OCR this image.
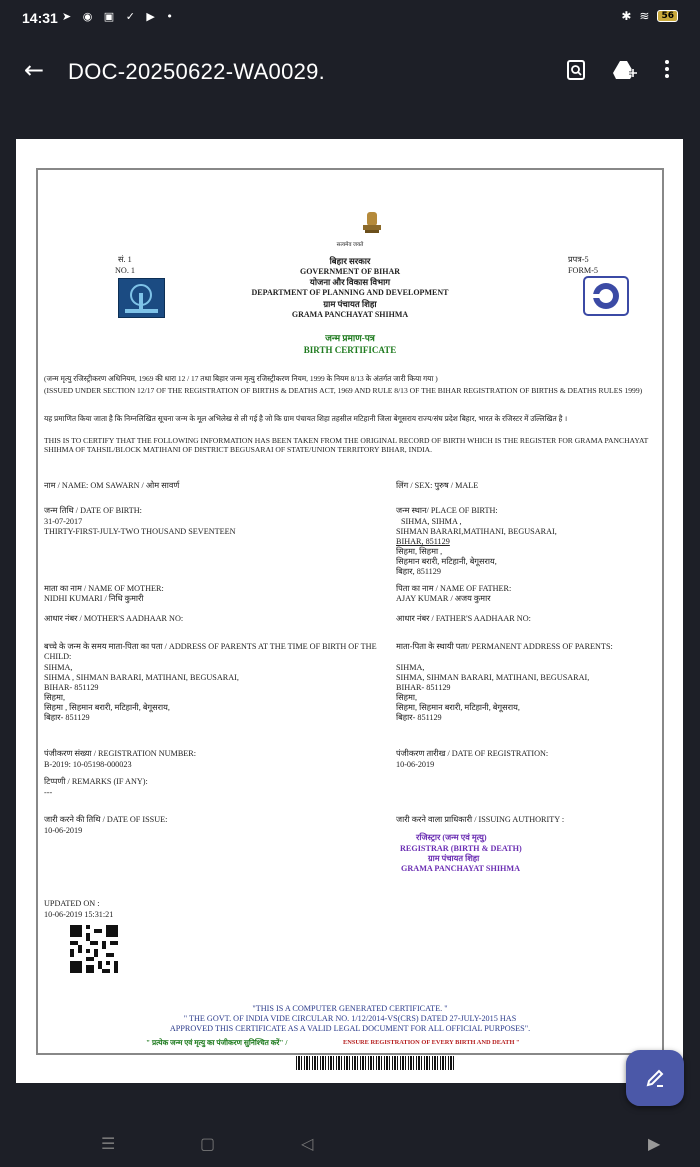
14:31 ➤ ◉ ▣ ✓ ▶ •	✱ ≋	56
← DOC-20250622-WA0029.
सत्यमेव जयते
सं. 1
NO. 1
प्रपत्र-5
FORM-5
बिहार सरकार
GOVERNMENT OF BIHAR
योजना और विकास विभाग
DEPARTMENT OF PLANNING AND DEVELOPMENT
ग्राम पंचायत शिहा
GRAMA PANCHAYAT SHIHMA
जन्म प्रमाण-पत्र
BIRTH CERTIFICATE
(जन्म मृत्यु रजिस्ट्रीकरण अधिनियम, 1969 की धारा 12 / 17 तथा बिहार जन्म मृत्यु रजिस्ट्रीकरण नियम, 1999 के नियम 8/13 के अंतर्गत जारी किया गया )
(ISSUED UNDER SECTION 12/17 OF THE REGISTRATION OF BIRTHS & DEATHS ACT, 1969 AND RULE 8/13 OF THE BIHAR REGISTRATION OF BIRTHS & DEATHS RULES 1999)
यह प्रमाणित किया जाता है कि निम्नलिखित सूचना जन्म के मूल अभिलेख से ली गई है जो कि ग्राम पंचायत शिहा तहसील मटिहानी जिला बेगूसराय राज्य/संघ प्रदेश बिहार, भारत के रजिस्टर में उल्लिखित है ।
THIS IS TO CERTIFY THAT THE FOLLOWING INFORMATION HAS BEEN TAKEN FROM THE ORIGINAL RECORD OF BIRTH WHICH IS THE REGISTER FOR GRAMA PANCHAYAT SHIHMA OF TAHSIL/BLOCK MATIHANI OF DISTRICT BEGUSARAI OF STATE/UNION TERRITORY BIHAR, INDIA.
नाम / NAME: OM SAWARN / ओम सावर्ण	लिंग / SEX: पुरुष / MALE
जन्म तिथि / DATE OF BIRTH:
31-07-2017
THIRTY-FIRST-JULY-TWO THOUSAND SEVENTEEN
जन्म स्थान/ PLACE OF BIRTH:
SIHMA, SIHMA ,
SIHMAN BARARI,MATIHANI, BEGUSARAI,
BIHAR, 851129
सिहमा, सिहमा ,
सिहमान बरारी, मटिहानी, बेगूसराय,
बिहार, 851129
माता का नाम / NAME OF MOTHER:
NIDHI KUMARI / निधि कुमारी
पिता का नाम / NAME OF FATHER:
AJAY KUMAR / अजय कुमार
आधार नंबर / MOTHER'S AADHAAR NO:	आधार नंबर / FATHER'S AADHAAR NO:
बच्चे के जन्म के समय माता-पिता का पता / ADDRESS OF PARENTS AT THE TIME OF BIRTH OF THE CHILD:
SIHMA,
SIHMA , SIHMAN BARARI, MATIHANI, BEGUSARAI,
BIHAR- 851129
सिहमा,
सिहमा , सिहमान बरारी, मटिहानी, बेगूसराय,
बिहार- 851129
माता-पिता के स्थायी पता/ PERMANENT ADDRESS OF PARENTS:
SIHMA,
SIHMA, SIHMAN BARARI, MATIHANI, BEGUSARAI,
BIHAR- 851129
सिहमा,
सिहमा, सिहमान बरारी, मटिहानी, बेगूसराय,
बिहार- 851129
पंजीकरण संख्या / REGISTRATION NUMBER:
B-2019: 10-05198-000023
पंजीकरण तारीख / DATE OF REGISTRATION:
10-06-2019
टिप्पणी / REMARKS (IF ANY):
---
जारी करने की तिथि / DATE OF ISSUE:
10-06-2019
जारी करने वाला प्राधिकारी / ISSUING AUTHORITY :
रजिस्ट्रार (जन्म एवं मृत्यु)
REGISTRAR (BIRTH & DEATH)
ग्राम पंचायत शिहा
GRAMA PANCHAYAT SHIHMA
UPDATED ON :
10-06-2019 15:31:21
"THIS IS A COMPUTER GENERATED CERTIFICATE. "
" THE GOVT. OF INDIA VIDE CIRCULAR NO. 1/12/2014-VS(CRS) DATED 27-JULY-2015 HAS
APPROVED THIS CERTIFICATE AS A VALID LEGAL DOCUMENT FOR ALL OFFICIAL PURPOSES".
" प्रत्येक जन्म एवं मृत्यु का पंजीकरण सुनिश्चित करें" /	ENSURE REGISTRATION OF EVERY BIRTH AND DEATH "
☰	▢	◁	▶
